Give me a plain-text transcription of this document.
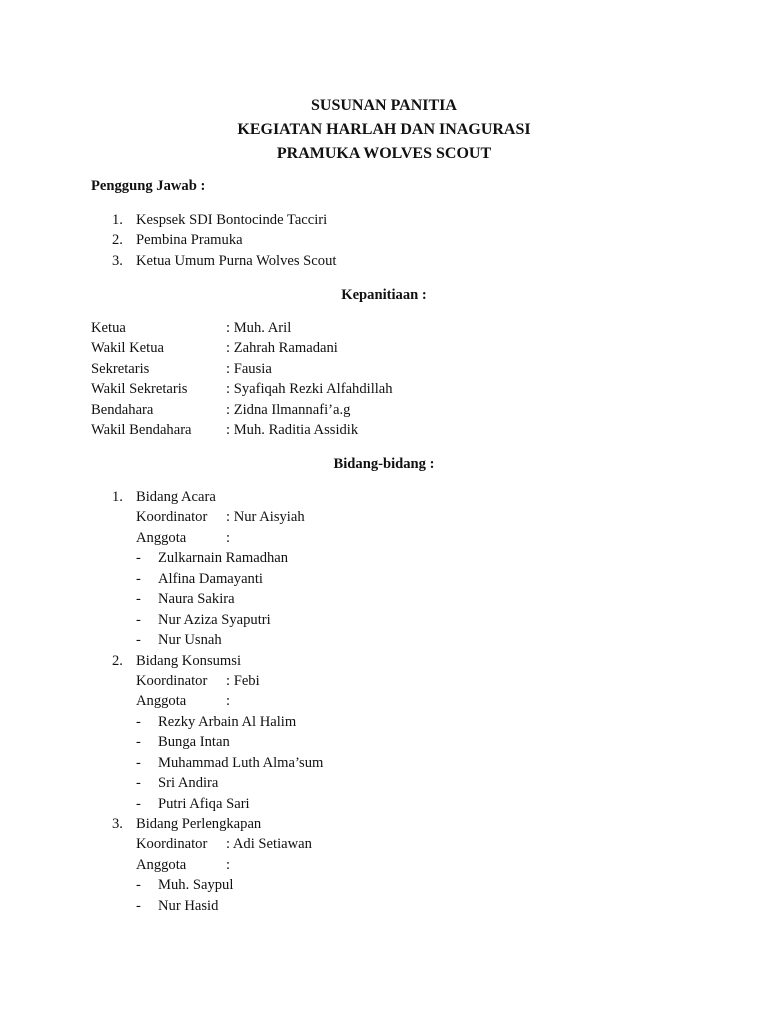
SUSUNAN PANITIA
KEGIATAN HARLAH DAN INAGURASI
PRAMUKA WOLVES SCOUT
Penggung Jawab :
1. Kespsek SDI Bontocinde Tacciri
2. Pembina Pramuka
3. Ketua Umum Purna Wolves Scout
Kepanitiaan :
Ketua	: Muh. Aril
Wakil Ketua	: Zahrah Ramadani
Sekretaris	: Fausia
Wakil Sekretaris	: Syafiqah Rezki Alfahdillah
Bendahara	: Zidna Ilmannafi’a.g
Wakil Bendahara : Muh. Raditia Assidik
Bidang-bidang :
1. Bidang Acara
Koordinator : Nur Aisyiah
Anggota	:
- Zulkarnain Ramadhan
- Alfina Damayanti
- Naura Sakira
- Nur Aziza Syaputri
- Nur Usnah
2. Bidang Konsumsi
Koordinator : Febi
Anggota	:
- Rezky Arbain Al Halim
- Bunga Intan
- Muhammad Luth Alma’sum
- Sri Andira
- Putri Afiqa Sari
3. Bidang Perlengkapan
Koordinator : Adi Setiawan
Anggota	:
- Muh. Saypul
- Nur Hasid
